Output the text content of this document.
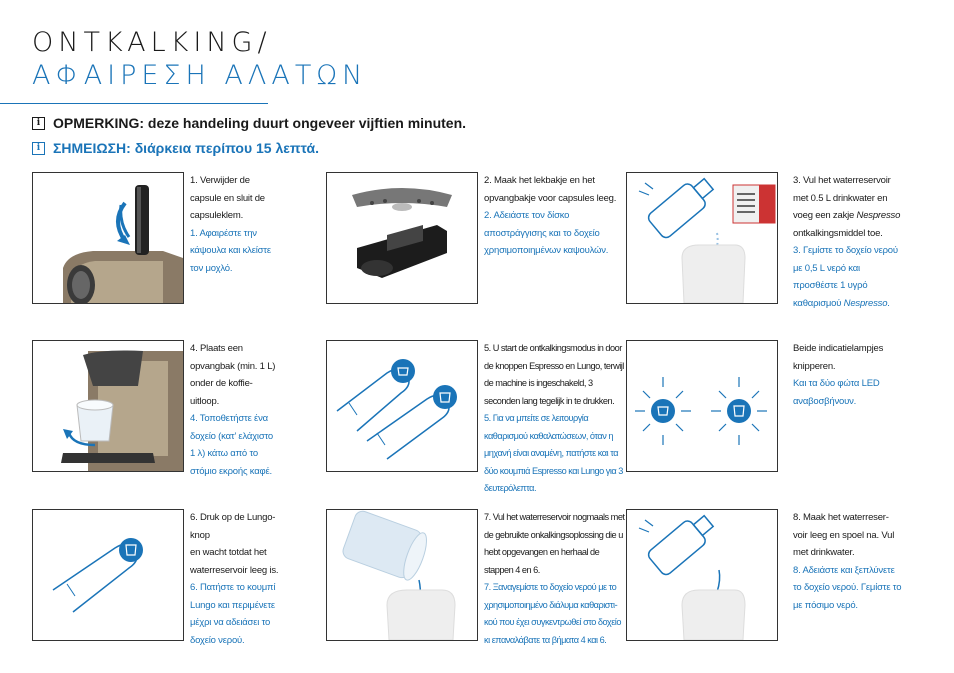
ONTKALKING/
ΑΦΑΙΡΕΣΗ ΑΛΑΤΩΝ
i OPMERKING: deze handeling duurt ongeveer vijftien minuten.
i ΣΗΜΕΙΩΣΗ: διάρκεια περίπου 15 λεπτά.
1. Verwijder de capsule en sluit de capsuleklem.
1. Αφαιρέστε την κάψουλα και κλείστε τον μοχλό.
2. Maak het lekbakje en het opvangbakje voor capsules leeg.
2. Αδειάστε τον δίσκο αποστράγγισης και το δοχείο χρησιμοποιημένων καψουλών.
3. Vul het waterreservoir met 0.5 L drinkwater en voeg een zakje Nespresso ontkalkingsmiddel toe.
3. Γεμίστε το δοχείο νερού με 0,5 L νερό και προσθέστε 1 υγρό καθαρισμού Nespresso.
4. Plaats een opvangbak (min. 1 L) onder de koffie-uitloop.
4. Τοποθετήστε ένα δοχείο (κατ’ ελάχιστο 1 λ) κάτω από το στόμιο εκροής καφέ.
5. U start de ontkalkingsmodus in door de knoppen Espresso en Lungo, terwijl de machine is ingeschakeld, 3 seconden lang tegelijk in te drukken.
5. Για να μπείτε σε λειτουργία καθαρισμού καθαλατώσεων, όταν η μηχανή είναι αναμένη, πατήστε και τα δύο κουμπιά Espresso και Lungo για 3 δευτερόλεπτα.
Beide indicatielampjes knipperen.
Και τα δύο φώτα LED αναβοσβήνουν.
6. Druk op de Lungo-knop
en wacht totdat het waterreservoir leeg is.
6. Πατήστε το κουμπί Lungo και περιμένετε μέχρι να αδειάσει το δοχείο νερού.
7. Vul het waterreservoir nogmaals met de gebruikte onkalkingsoplossing die u hebt opgevangen en herhaal de stappen 4 en 6.
7. Ξαναγεμίστε το δοχείο νερού με το χρησιμοποιημένο διάλυμα καθαριστι- κού που έχει συγκεντρωθεί στο δοχείο κι επαναλάβατε τα βήματα 4 και 6.
8. Maak het waterreser- voir leeg en spoel na. Vul met drinkwater.
8. Αδειάστε και ξεπλύνετε το δοχείο νερού. Γεμίστε το με πόσιμο νερό.
